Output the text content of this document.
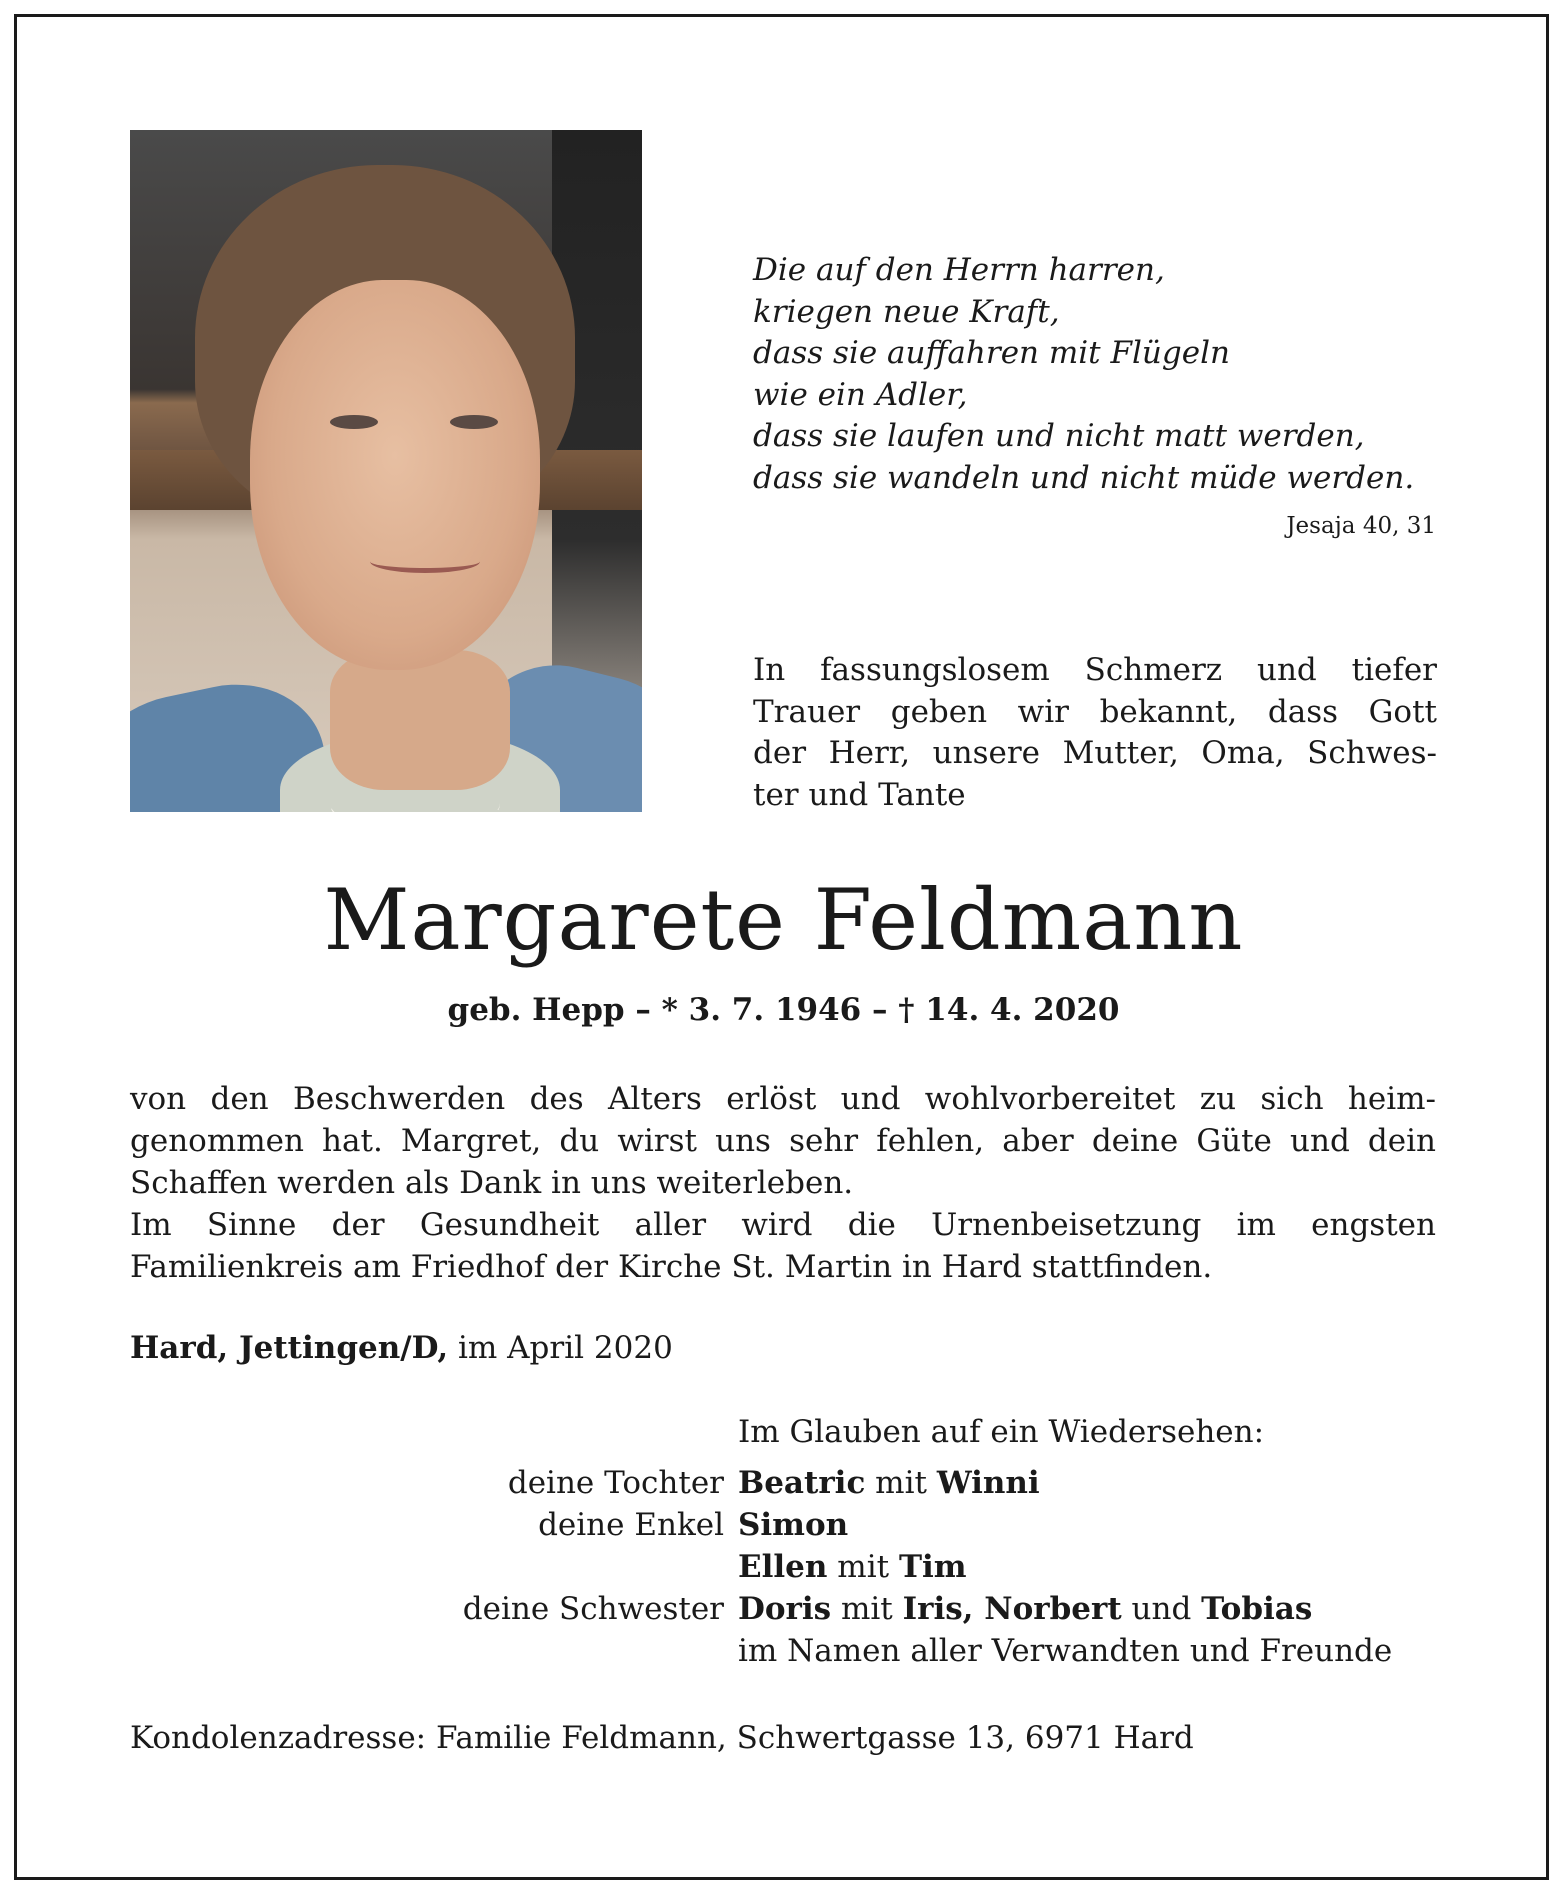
Die auf den Herrn harren,
kriegen neue Kraft,
dass sie auffahren mit Flügeln
wie ein Adler,
dass sie laufen und nicht matt werden,
dass sie wandeln und nicht müde werden.
Jesaja 40, 31
In fassungslosem Schmerz und tiefer
Trauer geben wir bekannt, dass Gott
der Herr, unsere Mutter, Oma, Schwes-
ter und Tante
Margarete Feldmann
geb. Hepp – * 3. 7. 1946 – † 14. 4. 2020
von den Beschwerden des Alters erlöst und wohlvorbereitet zu sich heim-
genommen hat. Margret, du wirst uns sehr fehlen, aber deine Güte und dein
Schaffen werden als Dank in uns weiterleben.
Im Sinne der Gesundheit aller wird die Urnenbeisetzung im engsten
Familienkreis am Friedhof der Kirche St. Martin in Hard stattfinden.
Hard, Jettingen/D, im April 2020
Im Glauben auf ein Wiedersehen:
deine Tochter Beatric mit Winni
deine Enkel Simon
Ellen mit Tim
deine Schwester Doris mit Iris, Norbert und Tobias
im Namen aller Verwandten und Freunde
Kondolenzadresse: Familie Feldmann, Schwertgasse 13, 6971 Hard
